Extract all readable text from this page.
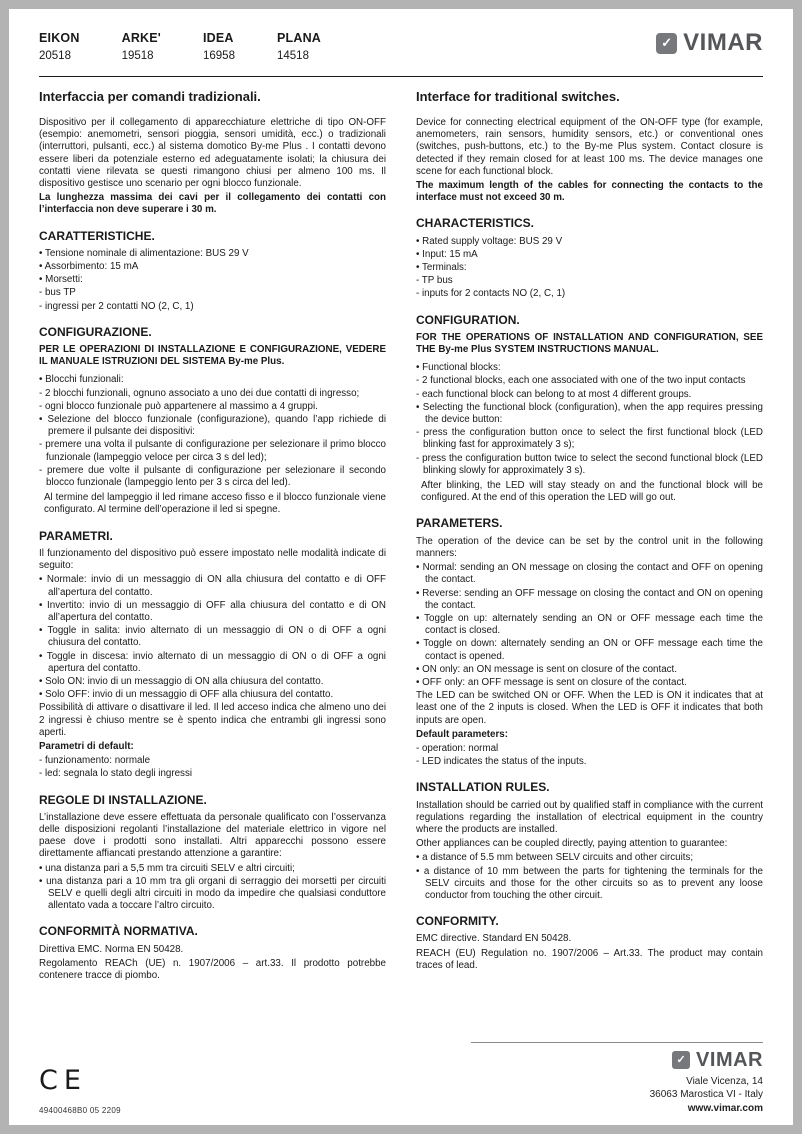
EIKON
20518
ARKE'
19518
IDEA
16958
PLANA
14518
✓ VIMAR
Interfaccia per comandi tradizionali.
Dispositivo per il collegamento di apparecchiature elettriche di tipo ON-OFF (esempio: anemometri, sensori pioggia, sensori umidità, ecc.) o tradizionali (interruttori, pulsanti, ecc.) al sistema domotico By-me Plus . I contatti devono essere liberi da potenziale esterno ed adeguatamente isolati; la chiusura dei contatti viene rilevata se questi rimangono chiusi per almeno 100 ms. Il dispositivo gestisce uno scenario per ogni blocco funzionale.
La lunghezza massima dei cavi per il collegamento dei contatti con l’interfaccia non deve superare i 30 m.
CARATTERISTICHE.
• Tensione nominale di alimentazione: BUS 29 V
• Assorbimento: 15 mA
• Morsetti:
- bus TP
- ingressi per 2 contatti NO (2, C, 1)
CONFIGURAZIONE.
PER LE OPERAZIONI DI INSTALLAZIONE E CONFIGURAZIONE, VEDERE IL MANUALE ISTRUZIONI DEL SISTEMA By-me Plus.
• Blocchi funzionali:
- 2 blocchi funzionali, ognuno associato a uno dei due contatti di ingresso;
- ogni blocco funzionale può appartenere al massimo a 4 gruppi.
• Selezione del blocco funzionale (configurazione), quando l’app richiede di premere il pulsante dei dispositivi:
- premere una volta il pulsante di configurazione per selezionare il primo blocco funzionale (lampeggio veloce per circa 3 s del led);
- premere due volte il pulsante di configurazione per selezionare il secondo blocco funzionale (lampeggio lento per 3 s circa del led).
Al termine del lampeggio il led rimane acceso fisso e il blocco funzionale viene configurato. Al termine dell’operazione il led si spegne.
PARAMETRI.
Il funzionamento del dispositivo può essere impostato nelle modalità indicate di seguito:
• Normale: invio di un messaggio di ON alla chiusura del contatto e di OFF all’apertura del contatto.
• Invertito: invio di un messaggio di OFF alla chiusura del contatto e di ON all’apertura del contatto.
• Toggle in salita: invio alternato di un messaggio di ON o di OFF a ogni chiusura del contatto.
• Toggle in discesa: invio alternato di un messaggio di ON o di OFF a ogni apertura del contatto.
• Solo ON: invio di un messaggio di ON alla chiusura del contatto.
• Solo OFF: invio di un messaggio di OFF alla chiusura del contatto.
Possibilità di attivare o disattivare il led. Il led acceso indica che almeno uno dei 2 ingressi è chiuso mentre se è spento indica che entrambi gli ingressi sono aperti.
Parametri di default:
- funzionamento: normale
- led: segnala lo stato degli ingressi
REGOLE DI INSTALLAZIONE.
L’installazione deve essere effettuata da personale qualificato con l’osservanza delle disposizioni regolanti l’installazione del materiale elettrico in vigore nel paese dove i prodotti sono installati. Altri apparecchi possono essere direttamente affiancati prestando attenzione a garantire:
• una distanza pari a 5,5 mm tra circuiti SELV e altri circuiti;
• una distanza pari a 10 mm tra gli organi di serraggio dei morsetti per circuiti SELV e quelli degli altri circuiti in modo da impedire che qualsiasi conduttore allentato vada a toccare l’altro circuito.
CONFORMITÀ NORMATIVA.
Direttiva EMC. Norma EN 50428.
Regolamento REACh (UE) n. 1907/2006 – art.33. Il prodotto potrebbe contenere tracce di piombo.
Interface for traditional switches.
Device for connecting electrical equipment of the ON-OFF type (for example, anemometers, rain sensors, humidity sensors, etc.) or conventional ones (switches, push-buttons, etc.) to the By-me Plus system. Contact closure is detected if they remain closed for at least 100 ms. The device manages one scene for each functional block.
The maximum length of the cables for connecting the contacts to the interface must not exceed 30 m.
CHARACTERISTICS.
• Rated supply voltage: BUS 29 V
• Input: 15 mA
• Terminals:
- TP bus
- inputs for 2 contacts NO (2, C, 1)
CONFIGURATION.
FOR THE OPERATIONS OF INSTALLATION AND CONFIGURATION, SEE THE By-me Plus SYSTEM INSTRUCTIONS MANUAL.
• Functional blocks:
- 2 functional blocks, each one associated with one of the two input contacts
- each functional block can belong to at most 4 different groups.
• Selecting the functional block (configuration), when the app requires pressing the device button:
- press the configuration button once to select the first functional block (LED blinking fast for approximately 3 s);
- press the configuration button twice to select the second functional block (LED blinking slowly for approximately 3 s).
After blinking, the LED will stay steady on and the functional block will be configured. At the end of this operation the LED will go out.
PARAMETERS.
The operation of the device can be set by the control unit in the following manners:
• Normal: sending an ON message on closing the contact and OFF on opening the contact.
• Reverse: sending an OFF message on closing the contact and ON on opening the contact.
• Toggle on up: alternately sending an ON or OFF message each time the contact is closed.
• Toggle on down: alternately sending an ON or OFF message each time the contact is opened.
• ON only: an ON message is sent on closure of the contact.
• OFF only: an OFF message is sent on closure of the contact.
The LED can be switched ON or OFF. When the LED is ON it indicates that at least one of the 2 inputs is closed. When the LED is OFF it indicates that both inputs are open.
Default parameters:
- operation: normal
- LED indicates the status of the inputs.
INSTALLATION RULES.
Installation should be carried out by qualified staff in compliance with the current regulations regarding the installation of electrical equipment in the country where the products are installed.
Other appliances can be coupled directly, paying attention to guarantee:
• a distance of 5.5 mm between SELV circuits and other circuits;
• a distance of 10 mm between the parts for tightening the terminals for the SELV circuits and those for the other circuits so as to prevent any loose conductor from touching the other circuit.
CONFORMITY.
EMC directive. Standard EN 50428.
REACH (EU) Regulation no. 1907/2006 – Art.33. The product may contain traces of lead.
CE
49400468B0 05 2209
✓ VIMAR
Viale Vicenza, 14
36063 Marostica VI - Italy
www.vimar.com
